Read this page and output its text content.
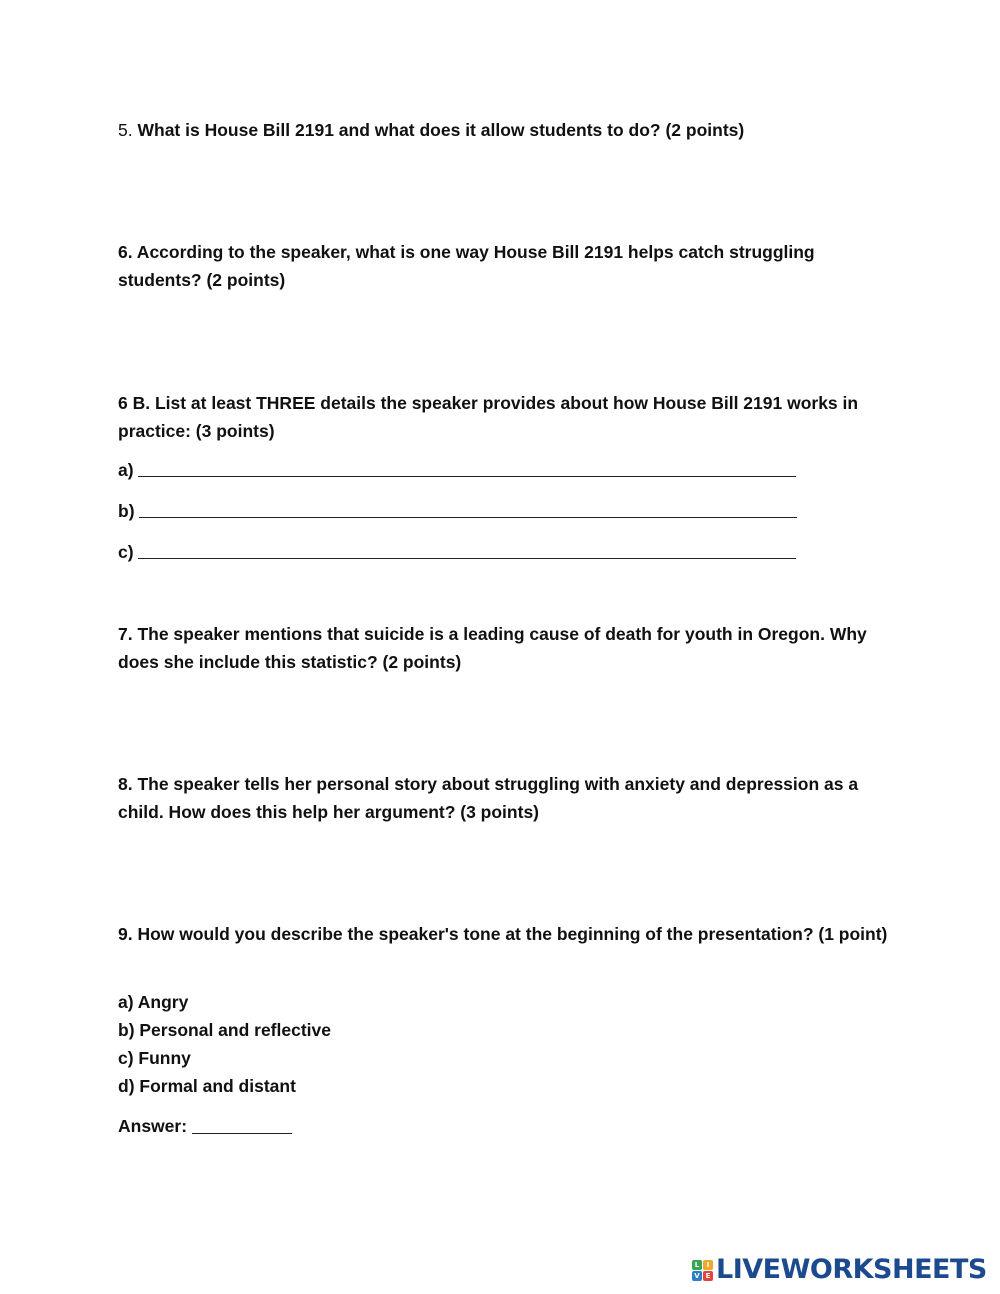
5. What is House Bill 2191 and what does it allow students to do? (2 points)

6. According to the speaker, what is one way House Bill 2191 helps catch struggling students? (2 points)

6 B. List at least THREE details the speaker provides about how House Bill 2191 works in practice: (3 points)

a)
b)
c)

7. The speaker mentions that suicide is a leading cause of death for youth in Oregon. Why does she include this statistic? (2 points)

8. The speaker tells her personal story about struggling with anxiety and depression as a child. How does this help her argument? (3 points)

9. How would you describe the speaker's tone at the beginning of the presentation? (1 point)

a) Angry
b) Personal and reflective
c) Funny
d) Formal and distant
Answer:
L	I
V E LIVEWORKSHEETS
